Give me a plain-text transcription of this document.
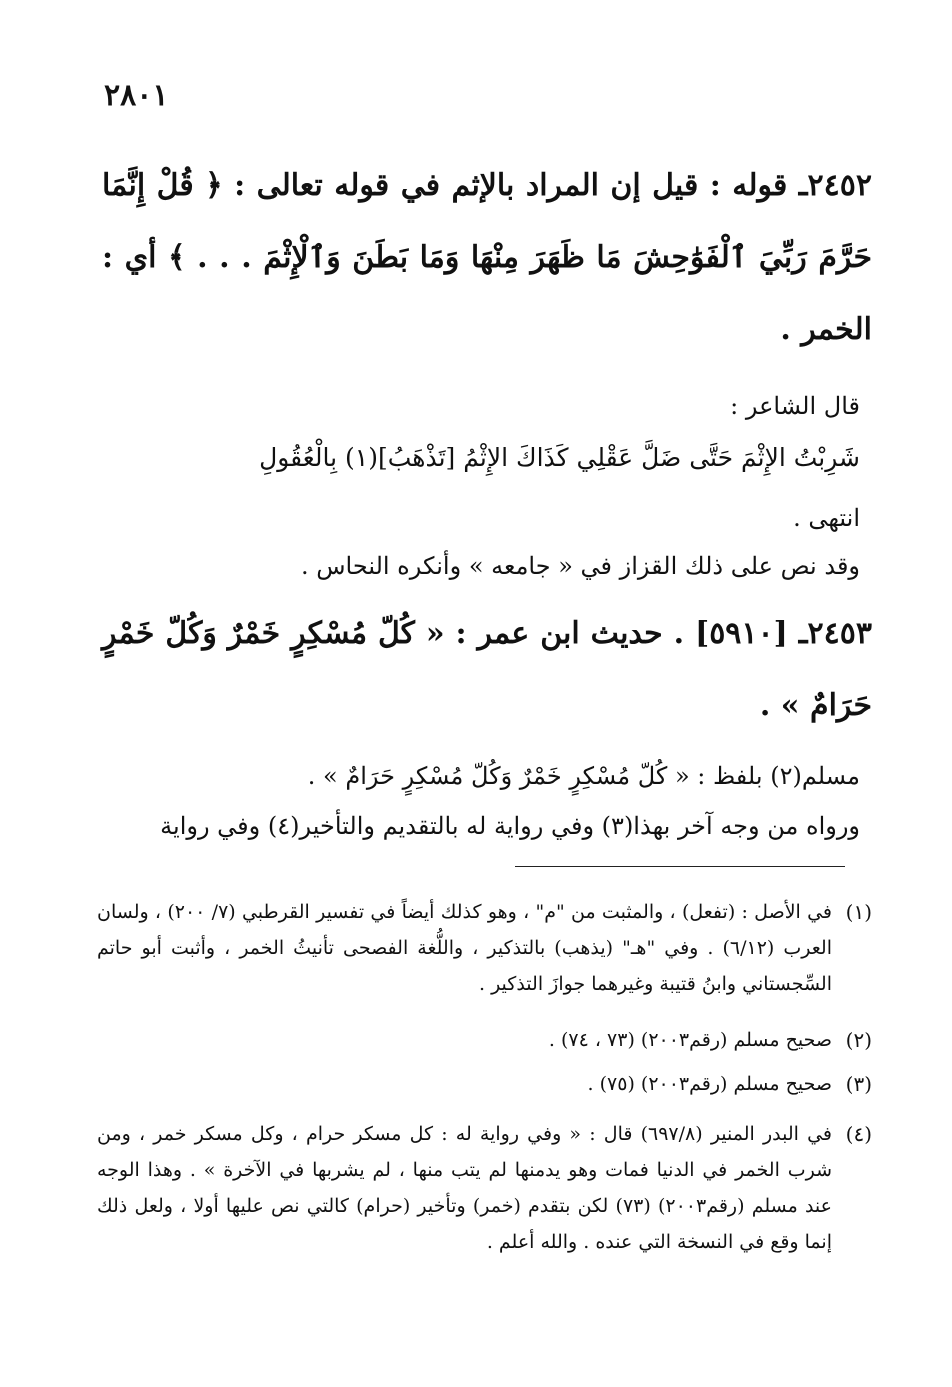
٢٨٠١
٢٤٥٢ـ قوله : قيل إن المراد بالإثم في قوله تعالى : ﴿ قُلْ إِنَّمَا حَرَّمَ رَبِّيَ ٱلْفَوَٰحِشَ مَا ظَهَرَ مِنْهَا وَمَا بَطَنَ وَٱلْإِثْمَ . . . ﴾ أي : الخمر .
قال الشاعر :
شَرِبْتُ الإِثْمَ حَتَّى ضَلَّ عَقْلِي كَذَاكَ الإِثْمُ [تَذْهَبُ](١) بِالْعُقُولِ
انتهى .
وقد نص على ذلك القزاز في « جامعه » وأنكره النحاس .
٢٤٥٣ـ [٥٩١٠] . حديث ابن عمر : « كُلّ مُسْكِرٍ خَمْرٌ وَكُلّ خَمْرٍ حَرَامٌ » .
مسلم(٢) بلفظ : « كُلّ مُسْكِرٍ خَمْرٌ وَكُلّ مُسْكِرٍ حَرَامٌ » .
ورواه من وجه آخر بهذا(٣) وفي رواية له بالتقديم والتأخير(٤) وفي رواية
(١)
في الأصل : (تفعل) ، والمثبت من "م" ، وهو كذلك أيضاً في تفسير القرطبي (٧/ ٢٠٠) ، ولسان العرب (٦/١٢) . وفي "هـ" (يذهب) بالتذكير ، واللُّغة الفصحى تأنيثُ الخمر ، وأثبت أبو حاتم السِّجستاني وابنُ قتيبة وغيرهما جوازَ التذكير .
(٢)
صحيح مسلم (رقم٢٠٠٣) (٧٣ ، ٧٤) .
(٣)
صحيح مسلم (رقم٢٠٠٣) (٧٥) .
(٤)
في البدر المنير (٦٩٧/٨) قال : « وفي رواية له : كل مسكر حرام ، وكل مسكر خمر ، ومن شرب الخمر في الدنيا فمات وهو يدمنها لم يتب منها ، لم يشربها في الآخرة » . وهذا الوجه عند مسلم (رقم٢٠٠٣) (٧٣) لكن بتقدم (خمر) وتأخير (حرام) كالتي نص عليها أولا ، ولعل ذلك إنما وقع في النسخة التي عنده . والله أعلم .
